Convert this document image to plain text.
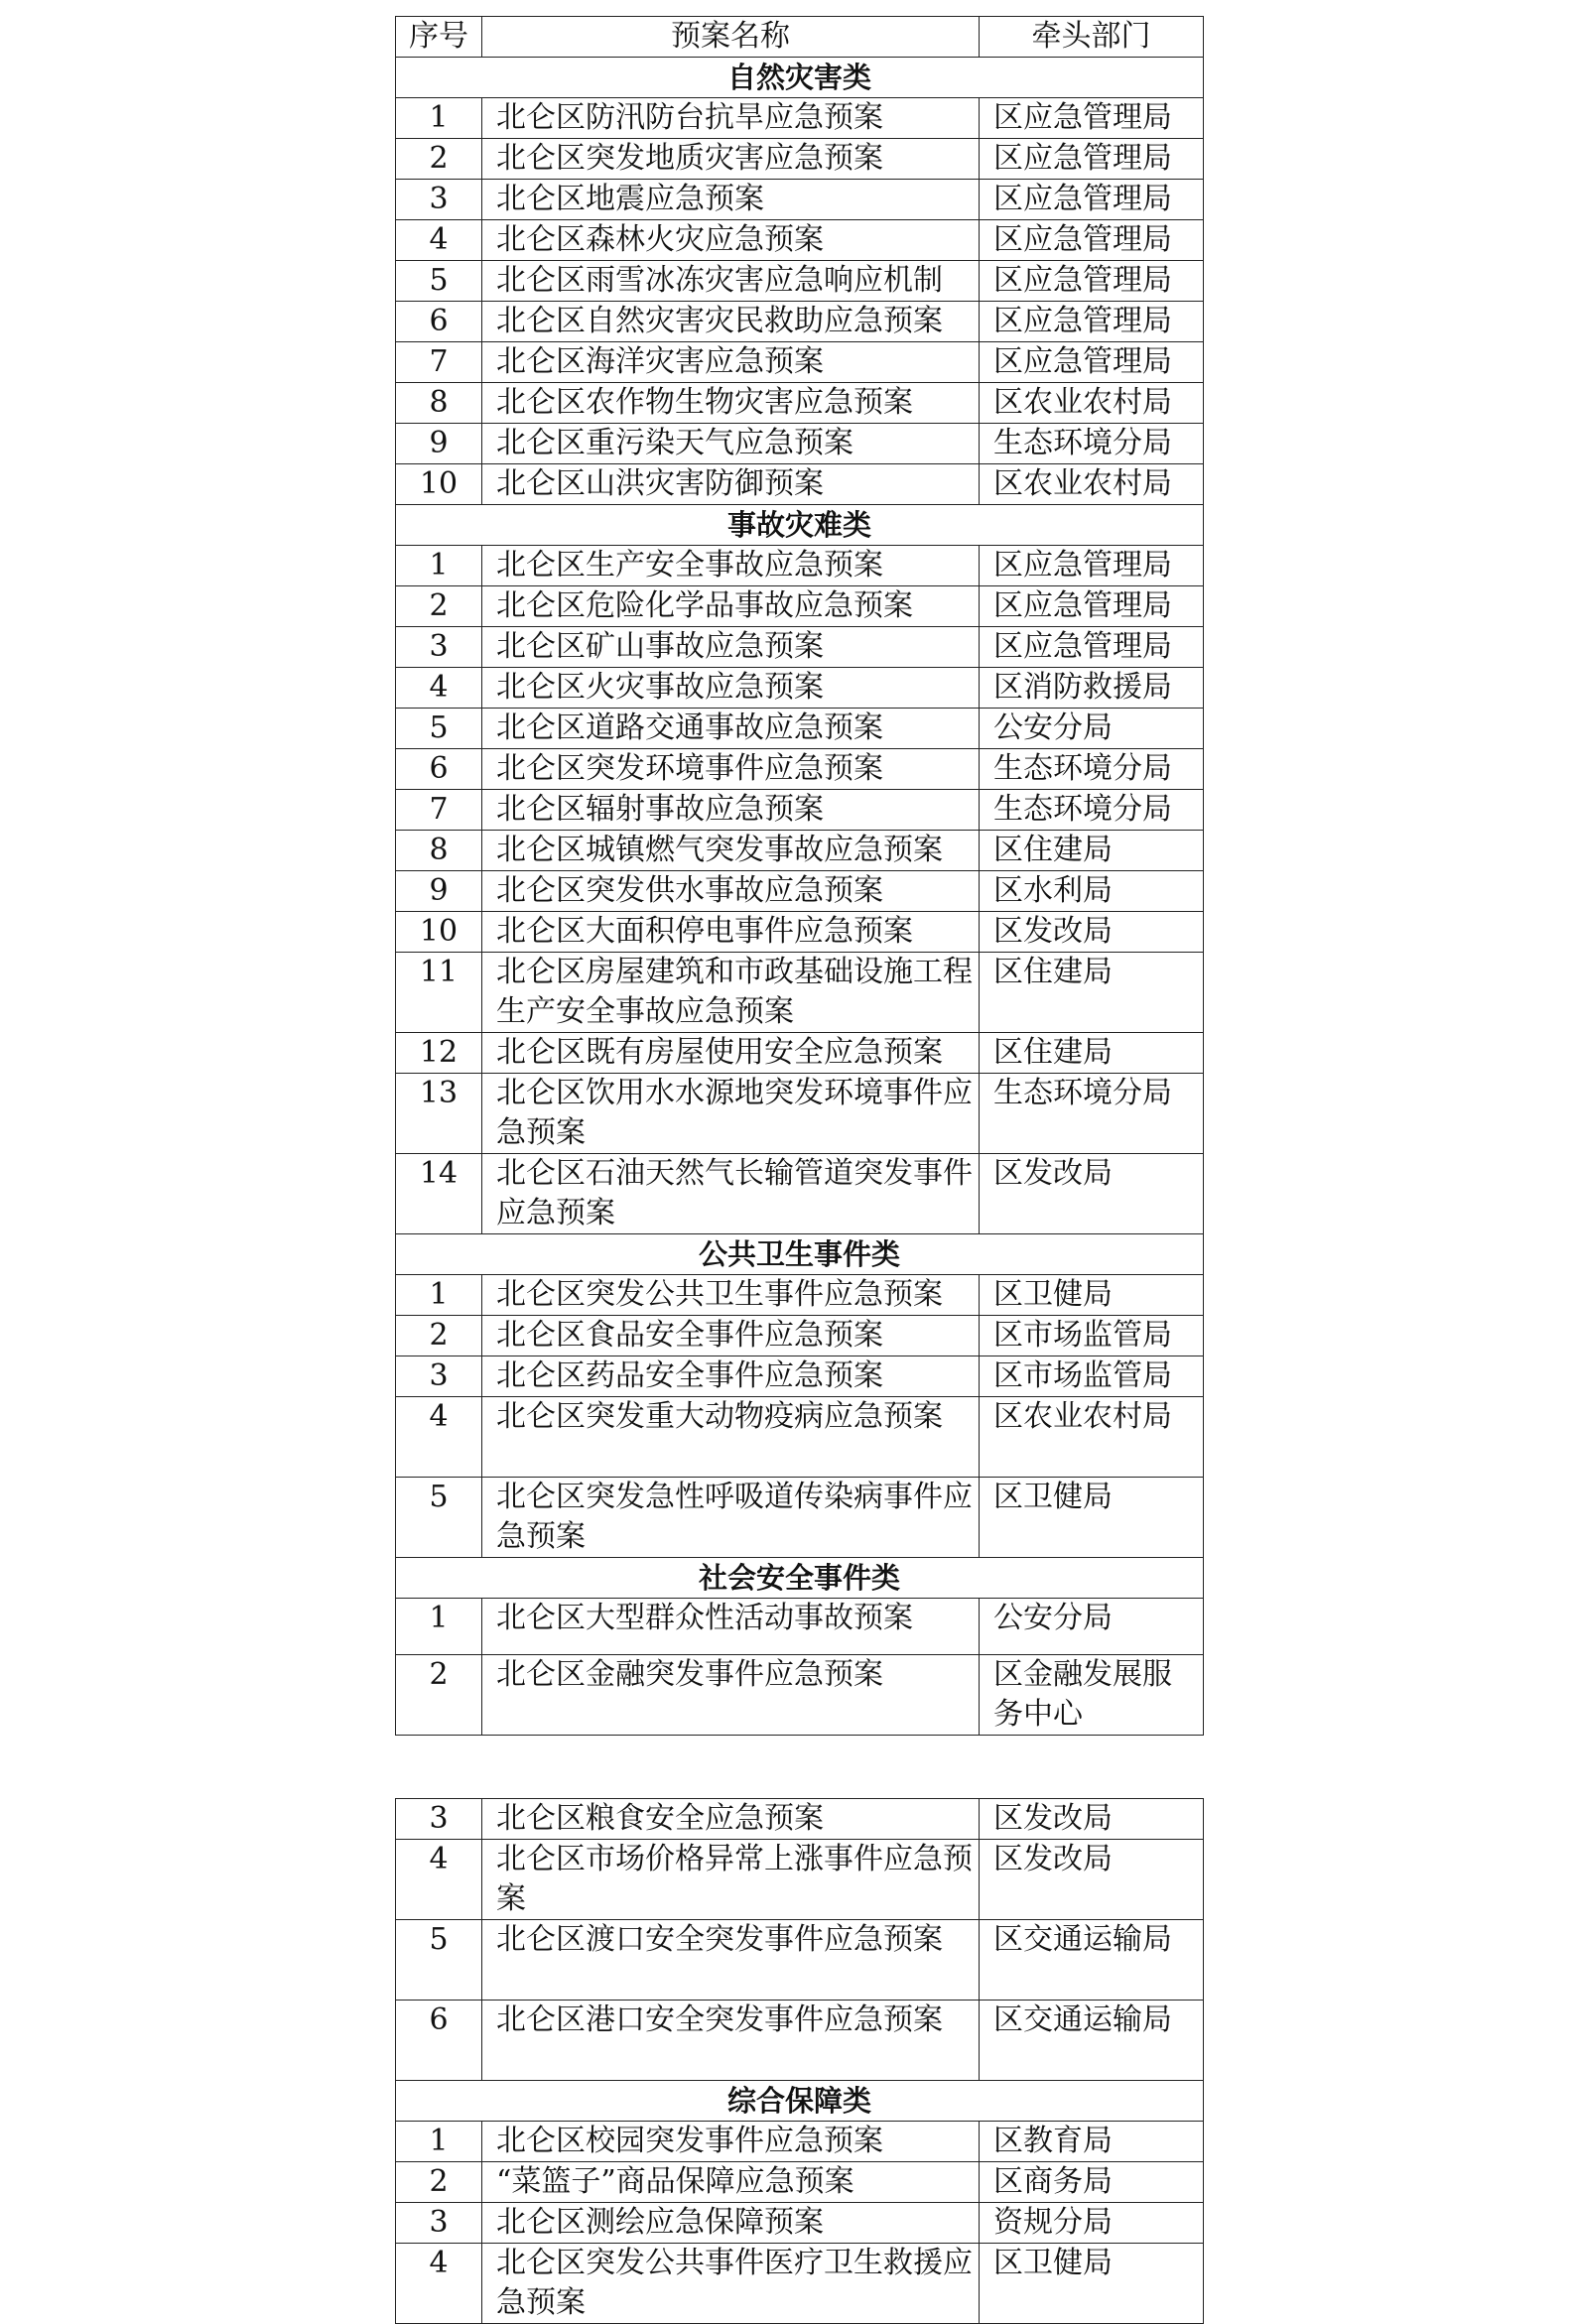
序号	预案名称	牵头部门
自然灾害类		
1	北仑区防汛防台抗旱应急预案	区应急管理局
2	北仑区突发地质灾害应急预案	区应急管理局
3	北仑区地震应急预案	区应急管理局
4	北仑区森林火灾应急预案	区应急管理局
5	北仑区雨雪冰冻灾害应急响应机制	区应急管理局
6	北仑区自然灾害灾民救助应急预案	区应急管理局
7	北仑区海洋灾害应急预案	区应急管理局
8	北仑区农作物生物灾害应急预案	区农业农村局
9	北仑区重污染天气应急预案	生态环境分局
10	北仑区山洪灾害防御预案	区农业农村局
事故灾难类		
1	北仑区生产安全事故应急预案	区应急管理局
2	北仑区危险化学品事故应急预案	区应急管理局
3	北仑区矿山事故应急预案	区应急管理局
4	北仑区火灾事故应急预案	区消防救援局
5	北仑区道路交通事故应急预案	公安分局
6	北仑区突发环境事件应急预案	生态环境分局
7	北仑区辐射事故应急预案	生态环境分局
8	北仑区城镇燃气突发事故应急预案	区住建局
9	北仑区突发供水事故应急预案	区水利局
10	北仑区大面积停电事件应急预案	区发改局
11	北仑区房屋建筑和市政基础设施工程生产安全事故应急预案	区住建局
12	北仑区既有房屋使用安全应急预案	区住建局
13	北仑区饮用水水源地突发环境事件应急预案	生态环境分局
14	北仑区石油天然气长输管道突发事件应急预案	区发改局
公共卫生事件类		
1	北仑区突发公共卫生事件应急预案	区卫健局
2	北仑区食品安全事件应急预案	区市场监管局
3	北仑区药品安全事件应急预案	区市场监管局
4	北仑区突发重大动物疫病应急预案	区农业农村局
5	北仑区突发急性呼吸道传染病事件应急预案	区卫健局
社会安全事件类		
1	北仑区大型群众性活动事故预案	公安分局
2	北仑区金融突发事件应急预案	区金融发展服务中心
3	北仑区粮食安全应急预案	区发改局
4	北仑区市场价格异常上涨事件应急预案	区发改局
5	北仑区渡口安全突发事件应急预案	区交通运输局
6	北仑区港口安全突发事件应急预案	区交通运输局
综合保障类		
1	北仑区校园突发事件应急预案	区教育局
2	“菜篮子”商品保障应急预案	区商务局
3	北仑区测绘应急保障预案	资规分局
4	北仑区突发公共事件医疗卫生救援应急预案	区卫健局
